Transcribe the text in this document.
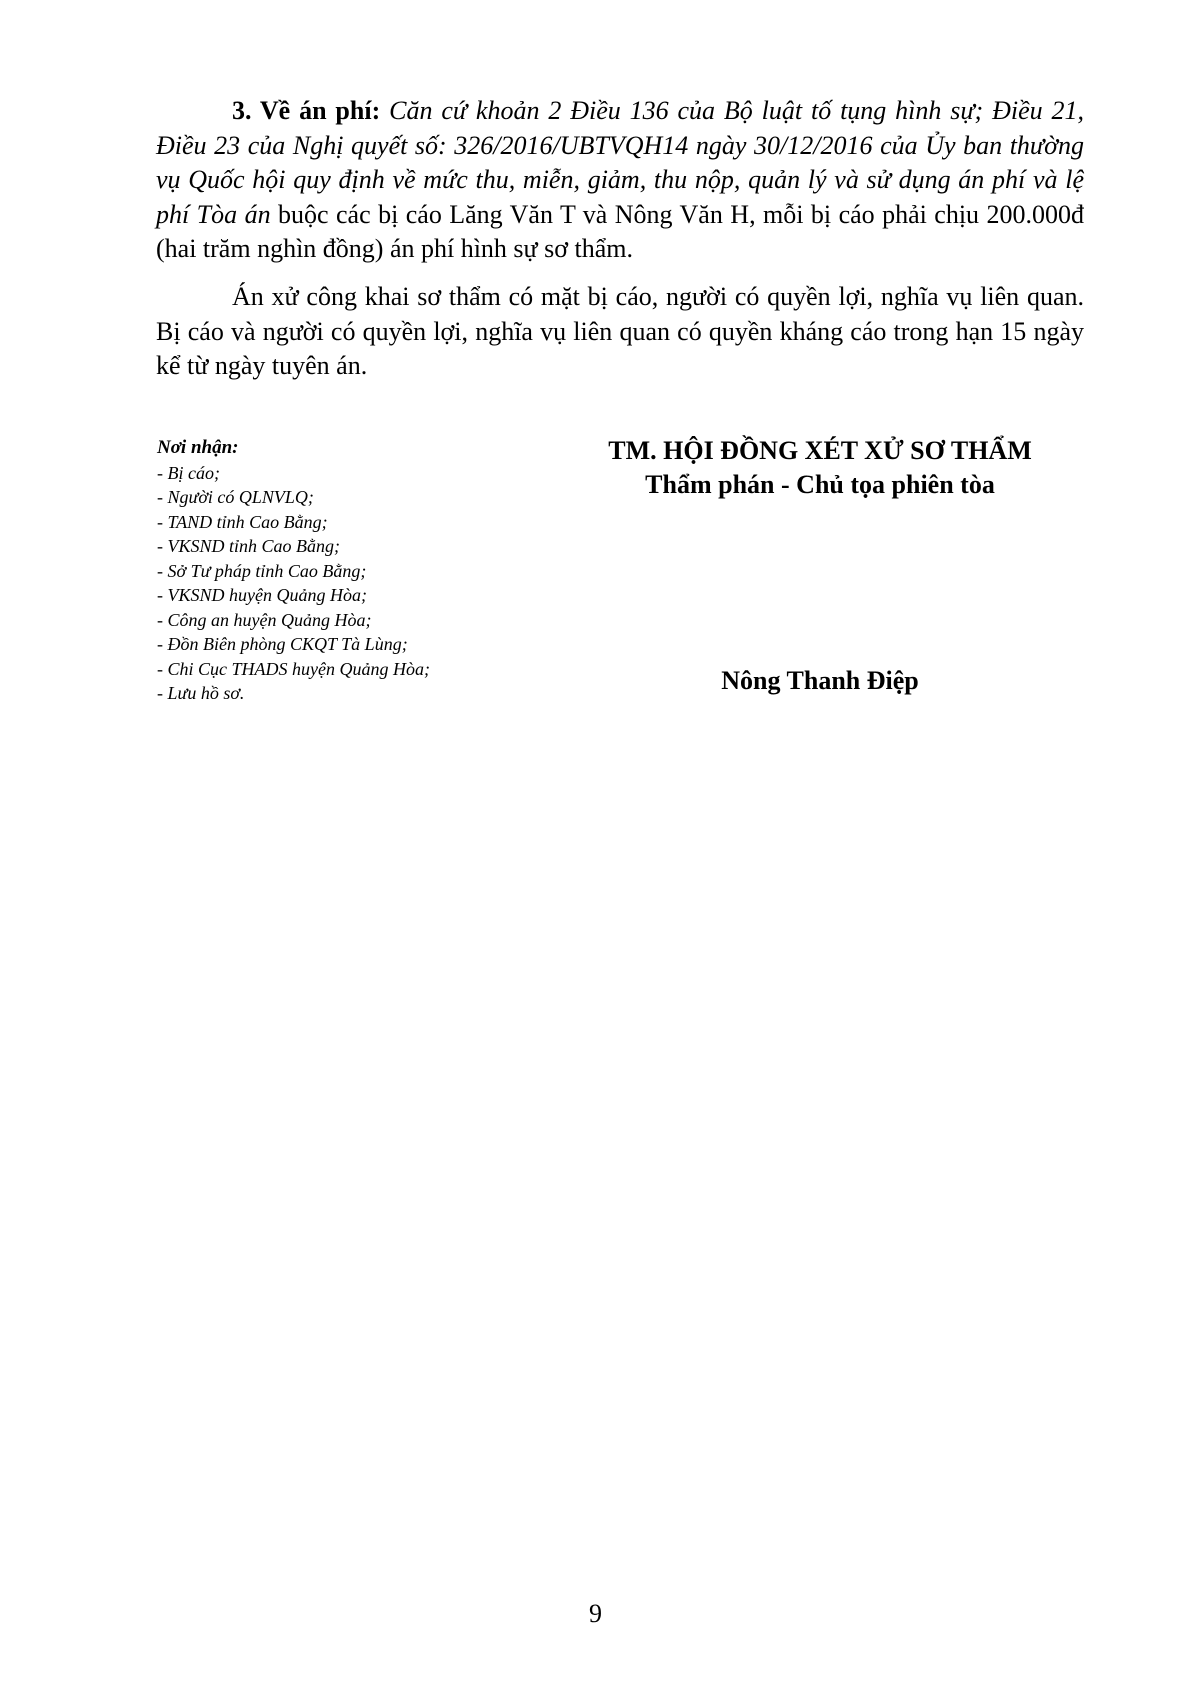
3. Về án phí: Căn cứ khoản 2 Điều 136 của Bộ luật tố tụng hình sự; Điều 21, Điều 23 của Nghị quyết số: 326/2016/UBTVQH14 ngày 30/12/2016 của Ủy ban thường vụ Quốc hội quy định về mức thu, miễn, giảm, thu nộp, quản lý và sử dụng án phí và lệ phí Tòa án buộc các bị cáo Lăng Văn T và Nông Văn H, mỗi bị cáo phải chịu 200.000đ (hai trăm nghìn đồng) án phí hình sự sơ thẩm.

Án xử công khai sơ thẩm có mặt bị cáo, người có quyền lợi, nghĩa vụ liên quan. Bị cáo và người có quyền lợi, nghĩa vụ liên quan có quyền kháng cáo trong hạn 15 ngày kể từ ngày tuyên án.

Nơi nhận:
- Bị cáo;
- Người có QLNVLQ;
- TAND tỉnh Cao Bằng;
- VKSND tỉnh Cao Bằng;
- Sở Tư pháp tỉnh Cao Bằng;
- VKSND huyện Quảng Hòa;
- Công an huyện Quảng Hòa;
- Đồn Biên phòng CKQT Tà Lùng;
- Chi Cục THADS huyện Quảng Hòa;
- Lưu hồ sơ.
TM. HỘI ĐỒNG XÉT XỬ SƠ THẨM
Thẩm phán - Chủ tọa phiên tòa
Nông Thanh Điệp
9
